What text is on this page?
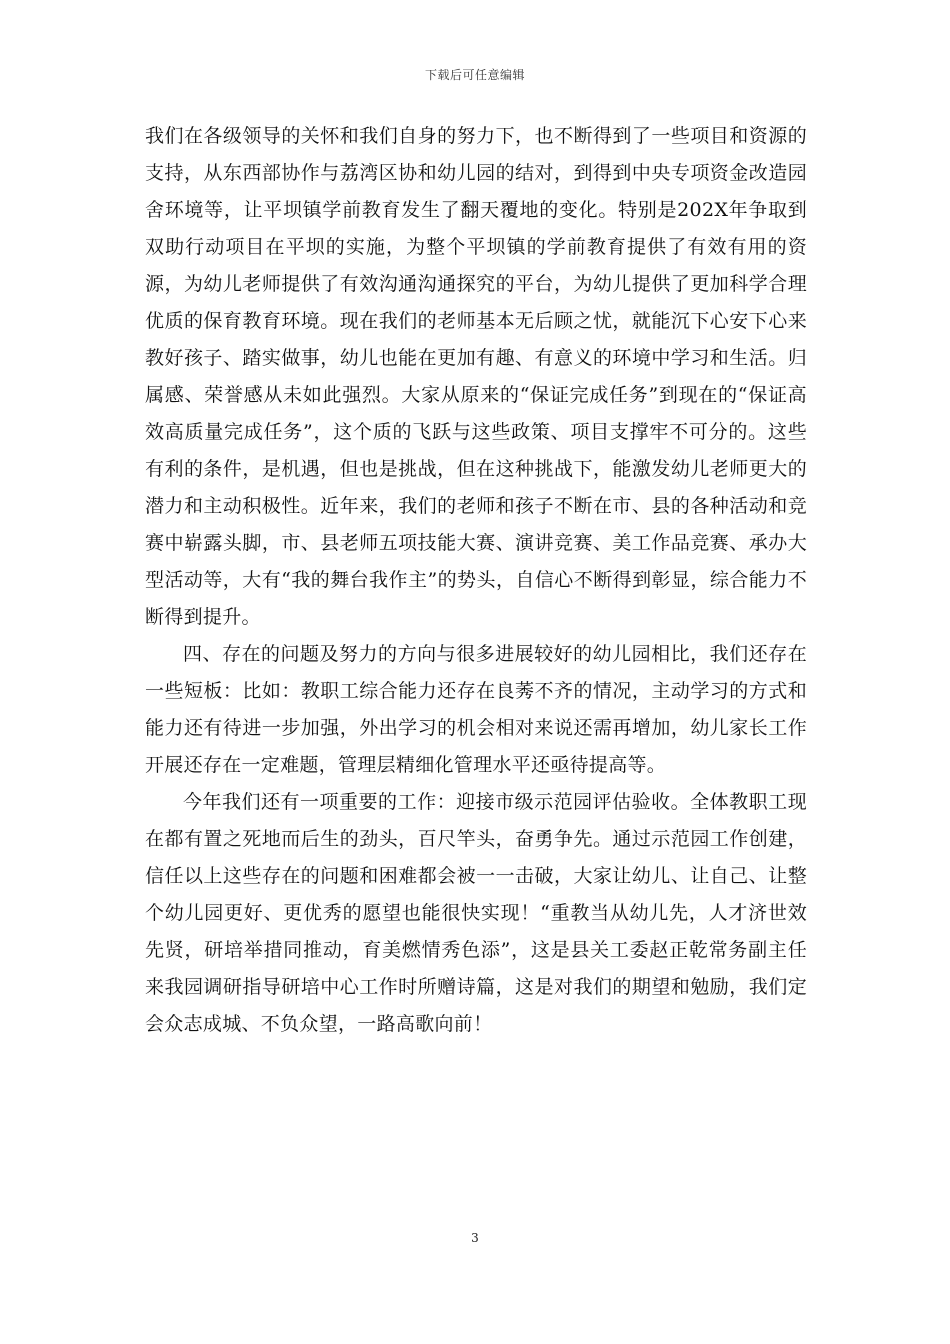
下载后可任意编辑

我们在各级领导的关怀和我们自身的努力下，也不断得到了一些项目和资源的支持，从东西部协作与荔湾区协和幼儿园的结对，到得到中央专项资金改造园舍环境等，让平坝镇学前教育发生了翻天覆地的变化。特别是202X年争取到双助行动项目在平坝的实施，为整个平坝镇的学前教育提供了有效有用的资源，为幼儿老师提供了有效沟通沟通探究的平台，为幼儿提供了更加科学合理优质的保育教育环境。现在我们的老师基本无后顾之忧，就能沉下心安下心来教好孩子、踏实做事，幼儿也能在更加有趣、有意义的环境中学习和生活。归属感、荣誉感从未如此强烈。大家从原来的“保证完成任务”到现在的“保证高效高质量完成任务”，这个质的飞跃与这些政策、项目支撑牢不可分的。这些有利的条件，是机遇，但也是挑战，但在这种挑战下，能激发幼儿老师更大的潜力和主动积极性。近年来，我们的老师和孩子不断在市、县的各种活动和竞赛中崭露头脚，市、县老师五项技能大赛、演讲竞赛、美工作品竞赛、承办大型活动等，大有“我的舞台我作主”的势头，自信心不断得到彰显，综合能力不断得到提升。

四、存在的问题及努力的方向与很多进展较好的幼儿园相比，我们还存在一些短板：比如：教职工综合能力还存在良莠不齐的情况，主动学习的方式和能力还有待进一步加强，外出学习的机会相对来说还需再增加，幼儿家长工作开展还存在一定难题，管理层精细化管理水平还亟待提高等。

今年我们还有一项重要的工作：迎接市级示范园评估验收。全体教职工现在都有置之死地而后生的劲头，百尺竿头，奋勇争先。通过示范园工作创建，信任以上这些存在的问题和困难都会被一一击破，大家让幼儿、让自己、让整个幼儿园更好、更优秀的愿望也能很快实现！“重教当从幼儿先，人才济世效先贤，研培举措同推动，育美燃情秀色添”，这是县关工委赵正乾常务副主任来我园调研指导研培中心工作时所赠诗篇，这是对我们的期望和勉励，我们定会众志成城、不负众望，一路高歌向前！

3
